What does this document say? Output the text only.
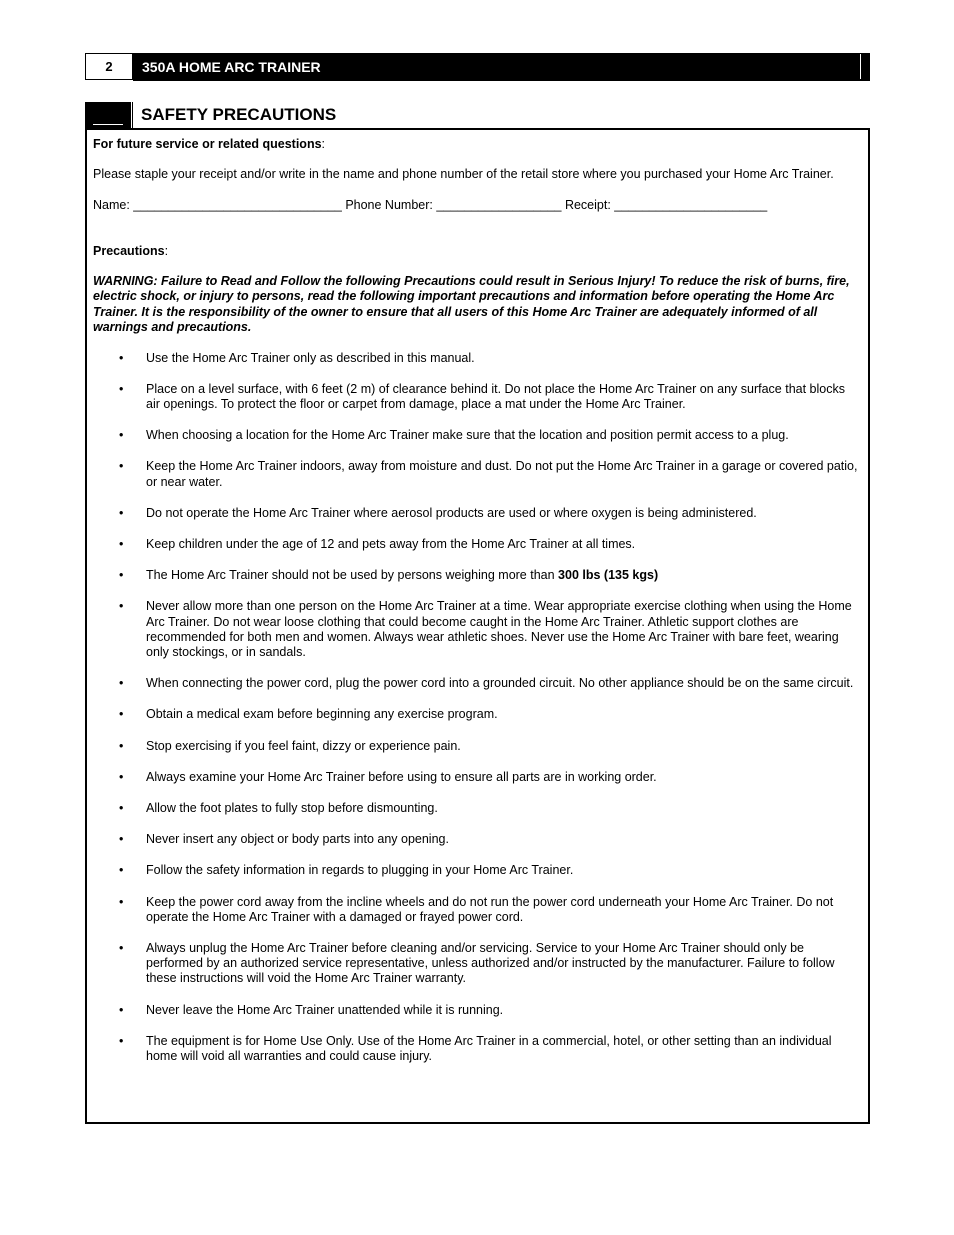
2	350A HOME ARC TRAINER
SAFETY PRECAUTIONS

For future service or related questions:

Please staple your receipt and/or write in the name and phone number of the retail store where you purchased your Home Arc Trainer.

Name: ______________________________ Phone Number: __________________ Receipt: ______________________

Precautions:

WARNING: Failure to Read and Follow the following Precautions could result in Serious Injury! To reduce the risk of burns, fire, electric shock, or injury to persons, read the following important precautions and information before operating the Home Arc Trainer. It is the responsibility of the owner to ensure that all users of this Home Arc Trainer are adequately informed of all warnings and precautions.

• Use the Home Arc Trainer only as described in this manual.
• Place on a level surface, with 6 feet (2 m) of clearance behind it. Do not place the Home Arc Trainer on any surface that blocks air openings. To protect the floor or carpet from damage, place a mat under the Home Arc Trainer.
• When choosing a location for the Home Arc Trainer make sure that the location and position permit access to a plug.
• Keep the Home Arc Trainer indoors, away from moisture and dust. Do not put the Home Arc Trainer in a garage or covered patio, or near water.
• Do not operate the Home Arc Trainer where aerosol products are used or where oxygen is being administered.
• Keep children under the age of 12 and pets away from the Home Arc Trainer at all times.
• The Home Arc Trainer should not be used by persons weighing more than 300 lbs (135 kgs)
• Never allow more than one person on the Home Arc Trainer at a time. Wear appropriate exercise clothing when using the Home Arc Trainer. Do not wear loose clothing that could become caught in the Home Arc Trainer. Athletic support clothes are recommended for both men and women. Always wear athletic shoes. Never use the Home Arc Trainer with bare feet, wearing only stockings, or in sandals.
• When connecting the power cord, plug the power cord into a grounded circuit. No other appliance should be on the same circuit.
• Obtain a medical exam before beginning any exercise program.
• Stop exercising if you feel faint, dizzy or experience pain.
• Always examine your Home Arc Trainer before using to ensure all parts are in working order.
• Allow the foot plates to fully stop before dismounting.
• Never insert any object or body parts into any opening.
• Follow the safety information in regards to plugging in your Home Arc Trainer.
• Keep the power cord away from the incline wheels and do not run the power cord underneath your Home Arc Trainer. Do not operate the Home Arc Trainer with a damaged or frayed power cord.
• Always unplug the Home Arc Trainer before cleaning and/or servicing. Service to your Home Arc Trainer should only be performed by an authorized service representative, unless authorized and/or instructed by the manufacturer. Failure to follow these instructions will void the Home Arc Trainer warranty.
• Never leave the Home Arc Trainer unattended while it is running.
• The equipment is for Home Use Only. Use of the Home Arc Trainer in a commercial, hotel, or other setting than an individual home will void all warranties and could cause injury.
